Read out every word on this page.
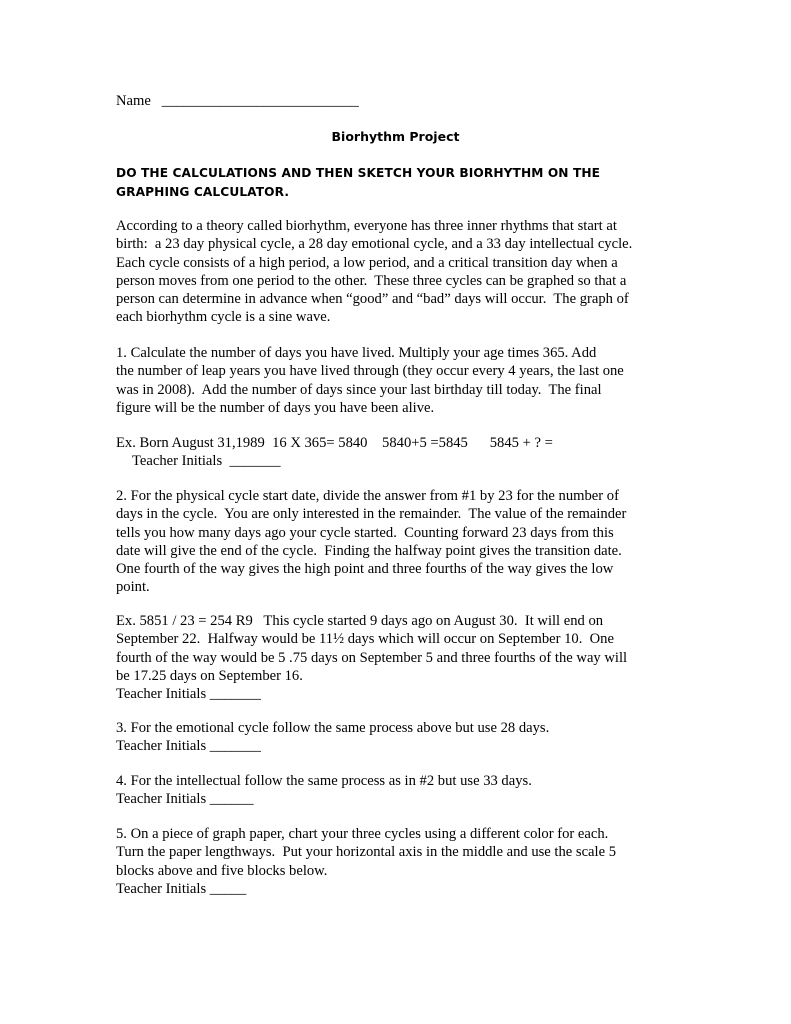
Name   ___________________________
Biorhythm Project
DO THE CALCULATIONS AND THEN SKETCH YOUR BIORHYTHM ON THE
GRAPHING CALCULATOR.
According to a theory called biorhythm, everyone has three inner rhythms that start at
birth:  a 23 day physical cycle, a 28 day emotional cycle, and a 33 day intellectual cycle.
Each cycle consists of a high period, a low period, and a critical transition day when a
person moves from one period to the other.  These three cycles can be graphed so that a
person can determine in advance when “good” and “bad” days will occur.  The graph of
each biorhythm cycle is a sine wave.
1. Calculate the number of days you have lived. Multiply your age times 365. Add
the number of leap years you have lived through (they occur every 4 years, the last one
was in 2008).  Add the number of days since your last birthday till today.  The final
figure will be the number of days you have been alive.
Ex. Born August 31,1989  16 X 365= 5840    5840+5 =5845      5845 + ? =
Teacher Initials  _______
2. For the physical cycle start date, divide the answer from #1 by 23 for the number of
days in the cycle.  You are only interested in the remainder.  The value of the remainder
tells you how many days ago your cycle started.  Counting forward 23 days from this
date will give the end of the cycle.  Finding the halfway point gives the transition date.
One fourth of the way gives the high point and three fourths of the way gives the low
point.
Ex. 5851 / 23 = 254 R9   This cycle started 9 days ago on August 30.  It will end on
September 22.  Halfway would be 11½ days which will occur on September 10.  One
fourth of the way would be 5 .75 days on September 5 and three fourths of the way will
be 17.25 days on September 16.
Teacher Initials _______
3. For the emotional cycle follow the same process above but use 28 days.
Teacher Initials _______
4. For the intellectual follow the same process as in #2 but use 33 days.
Teacher Initials ______
5. On a piece of graph paper, chart your three cycles using a different color for each.
Turn the paper lengthways.  Put your horizontal axis in the middle and use the scale 5
blocks above and five blocks below.
Teacher Initials _____
